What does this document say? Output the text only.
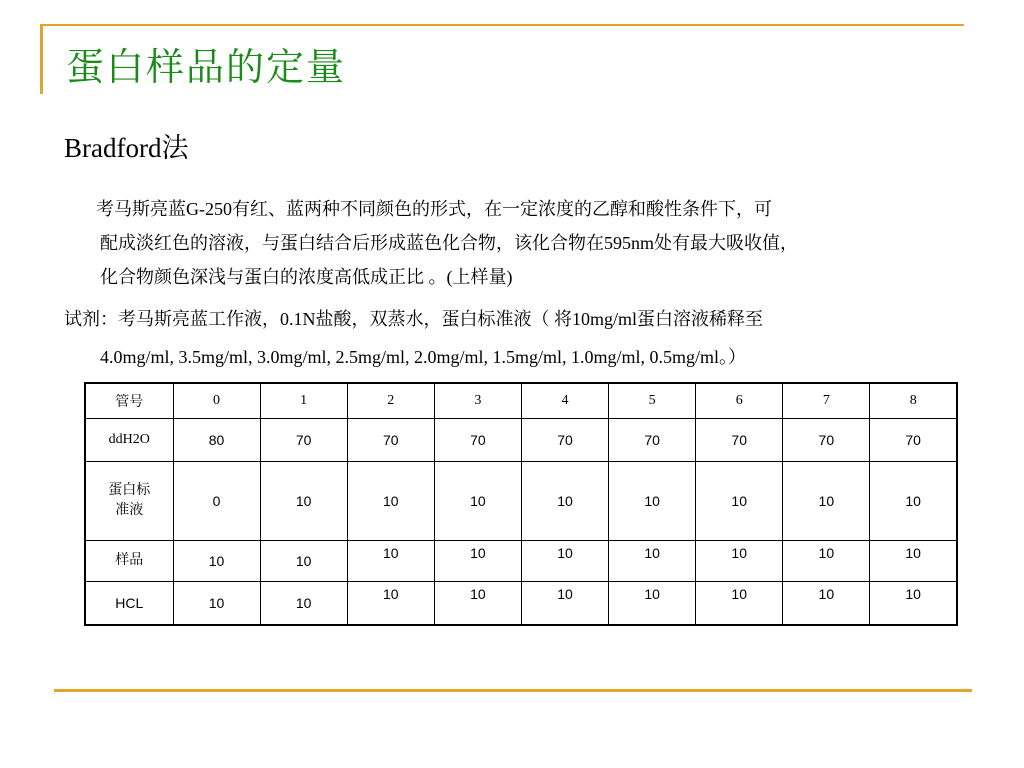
蛋白样品的定量
Bradford法
考马斯亮蓝G-250有红、蓝两种不同颜色的形式，在一定浓度的乙醇和酸性条件下，可
配成淡红色的溶液，与蛋白结合后形成蓝色化合物，该化合物在595nm处有最大吸收值，
化合物颜色深浅与蛋白的浓度高低成正比 。(上样量)
试剂：考马斯亮蓝工作液，0.1N盐酸，双蒸水，蛋白标准液（ 将10mg/ml蛋白溶液稀释至
4.0mg/ml, 3.5mg/ml, 3.0mg/ml, 2.5mg/ml, 2.0mg/ml, 1.5mg/ml, 1.0mg/ml, 0.5mg/ml。）
管号	0	1	2	3	4	5	6	7	8
ddH2O	80	70	70	70	70	70	70	70	70

蛋白标
准液	0	10	10	10	10	10	10	10	10
样品	10	10	10	10	10	10	10	10	10
HCL	10	10	10	10	10	10	10	10	10
